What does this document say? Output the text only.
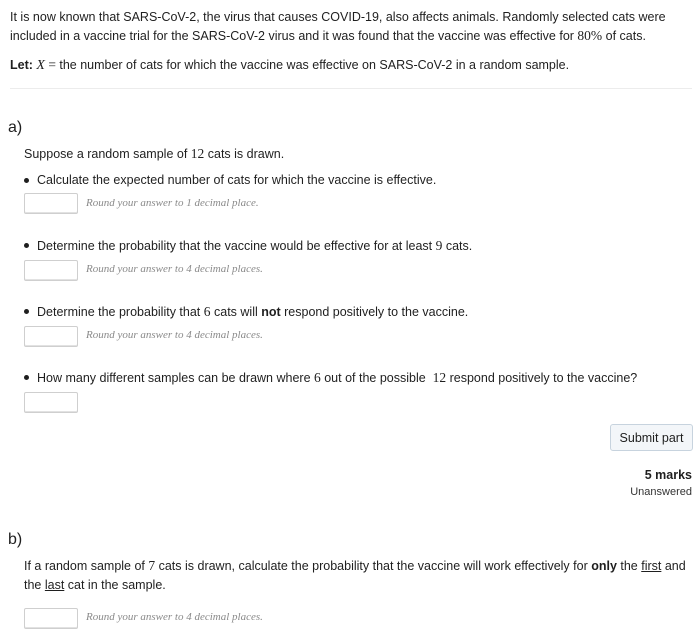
It is now known that SARS-CoV-2, the virus that causes COVID-19, also affects animals. Randomly selected cats were included in a vaccine trial for the SARS-CoV-2 virus and it was found that the vaccine was effective for 80% of cats.

Let: X = the number of cats for which the vaccine was effective on SARS-CoV-2 in a random sample.

a)

Suppose a random sample of 12 cats is drawn.

Calculate the expected number of cats for which the vaccine is effective.
Round your answer to 1 decimal place.
Determine the probability that the vaccine would be effective for at least 9 cats.
Round your answer to 4 decimal places.
Determine the probability that 6 cats will not respond positively to the vaccine.
Round your answer to 4 decimal places.
How many different samples can be drawn where 6 out of the possible  12 respond positively to the vaccine?
Submit part
5 marks
Unanswered
b)

If a random sample of 7 cats is drawn, calculate the probability that the vaccine will work effectively for only the first and the last cat in the sample.

Round your answer to 4 decimal places.
